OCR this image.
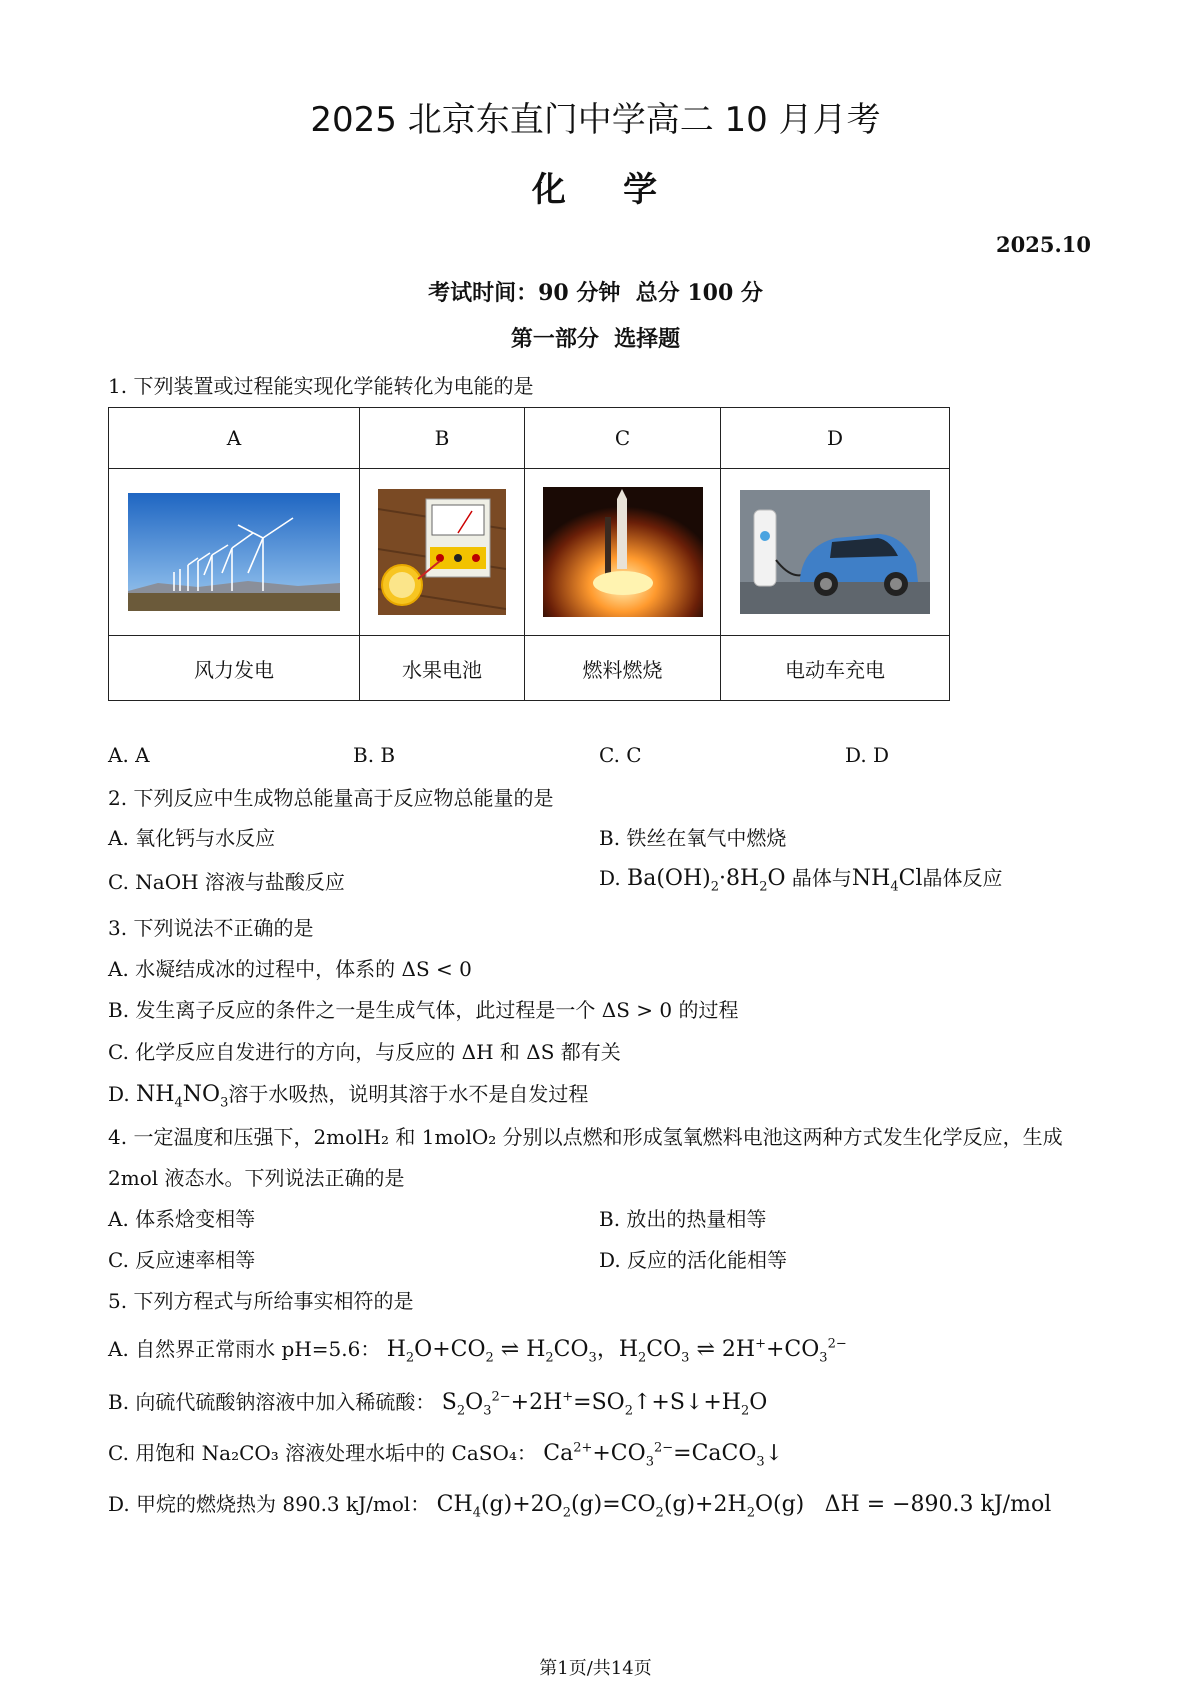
2025 北京东直门中学高二 10 月月考
化    学
2025.10
考试时间：90 分钟  总分 100 分
第一部分  选择题
1. 下列装置或过程能实现化学能转化为电能的是
A	B	C	D

风力发电	水果电池	燃料燃烧	电动车充电
A. A	B. B	C. C	D. D
2. 下列反应中生成物总能量高于反应物总能量的是
A. 氧化钙与水反应	B. 铁丝在氧气中燃烧
C. NaOH 溶液与盐酸反应	D. $Ba(OH)_2\cdot 8H_2O$ 晶体与$NH_4Cl$晶体反应
3. 下列说法不正确的是
A. 水凝结成冰的过程中，体系的 ΔS < 0
B. 发生离子反应的条件之一是生成气体，此过程是一个 ΔS > 0 的过程
C. 化学反应自发进行的方向，与反应的 ΔH 和 ΔS 都有关
D. $NH_4NO_3$溶于水吸热，说明其溶于水不是自发过程
4. 一定温度和压强下，2molH₂ 和 1molO₂ 分别以点燃和形成氢氧燃料电池这两种方式发生化学反应，生成
2mol 液态水。下列说法正确的是
A. 体系焓变相等	B. 放出的热量相等
C. 反应速率相等	D. 反应的活化能相等
5. 下列方程式与所给事实相符的是
A. 自然界正常雨水 pH=5.6： $H_2O+CO_2$ ⇌ $H_2CO_3$，$H_2CO_3$ ⇌ $2H^++CO_3^{2-}$
B. 向硫代硫酸钠溶液中加入稀硫酸： $S_2O_3^{2-}+2H^+=SO_2↑+S↓+H_2O$
C. 用饱和 Na₂CO₃ 溶液处理水垢中的 CaSO₄： $Ca^{2+}+CO_3^{2-}=CaCO_3↓$
D. 甲烷的燃烧热为 890.3 kJ/mol： $CH_4(g)+2O_2(g)=CO_2(g)+2H_2O(g) \Delta H = -890.3$ kJ/mol
第1页/共14页
